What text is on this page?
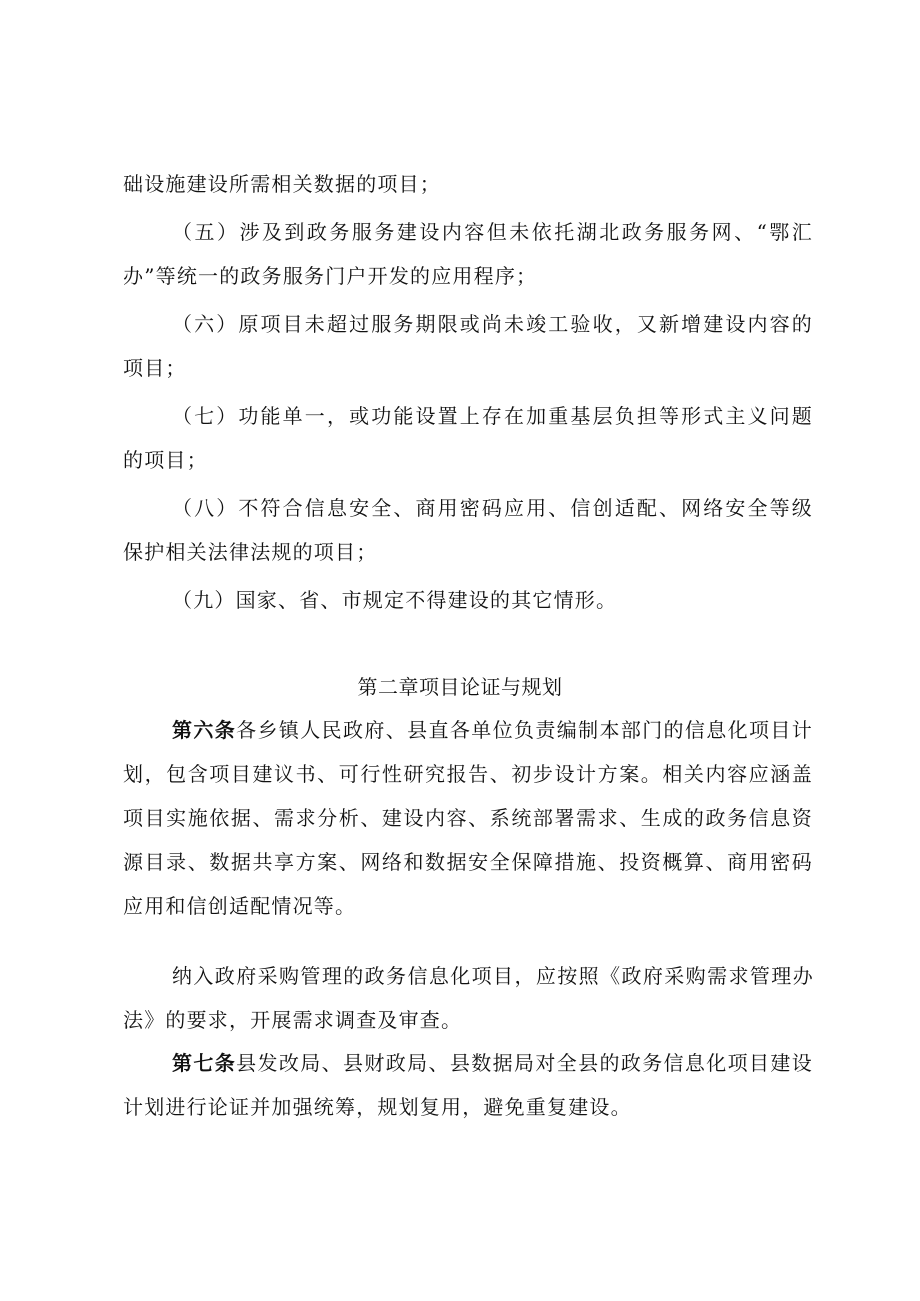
础设施建设所需相关数据的项目；
（五）涉及到政务服务建设内容但未依托湖北政务服务网、“鄂汇
办”等统一的政务服务门户开发的应用程序；
（六）原项目未超过服务期限或尚未竣工验收，又新增建设内容的
项目；
（七）功能单一，或功能设置上存在加重基层负担等形式主义问题
的项目；
（八）不符合信息安全、商用密码应用、信创适配、网络安全等级
保护相关法律法规的项目；
（九）国家、省、市规定不得建设的其它情形。
第二章项目论证与规划
第六条各乡镇人民政府、县直各单位负责编制本部门的信息化项目计
划，包含项目建议书、可行性研究报告、初步设计方案。相关内容应涵盖
项目实施依据、需求分析、建设内容、系统部署需求、生成的政务信息资
源目录、数据共享方案、网络和数据安全保障措施、投资概算、商用密码
应用和信创适配情况等。
纳入政府采购管理的政务信息化项目，应按照《政府采购需求管理办
法》的要求，开展需求调查及审查。
第七条县发改局、县财政局、县数据局对全县的政务信息化项目建设
计划进行论证并加强统筹，规划复用，避免重复建设。
